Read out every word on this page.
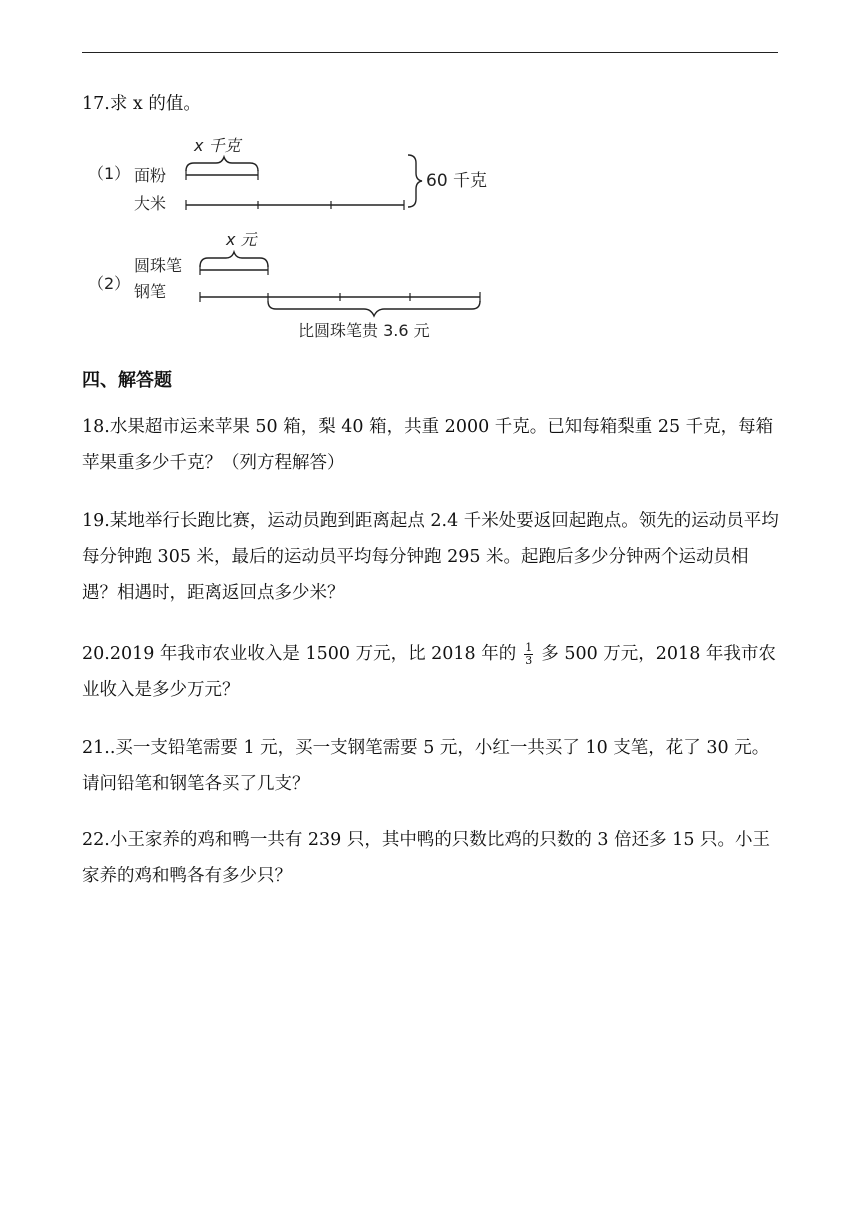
17.求 x 的值。
（1）
x 千克
面粉
大米
60 千克
x 元
圆珠笔
（2） 钢笔
比圆珠笔贵 3.6 元
四、解答题
18.水果超市运来苹果 50 箱，梨 40 箱，共重 2000 千克。已知每箱梨重 25 千克，每箱苹果重多少千克？（列方程解答）
19.某地举行长跑比赛，运动员跑到距离起点 2.4 千米处要返回起跑点。领先的运动员平均每分钟跑 305 米，最后的运动员平均每分钟跑 295 米。起跑后多少分钟两个运动员相遇？相遇时，距离返回点多少米？
20.2019 年我市农业收入是 1500 万元，比 2018 年的 $\frac{1}{3}$ 多 500 万元，2018 年我市农业收入是多少万元？
21..买一支铅笔需要 1 元，买一支钢笔需要 5 元，小红一共买了 10 支笔，花了 30 元。请问铅笔和钢笔各买了几支？
22.小王家养的鸡和鸭一共有 239 只，其中鸭的只数比鸡的只数的 3 倍还多 15 只。小王家养的鸡和鸭各有多少只？
